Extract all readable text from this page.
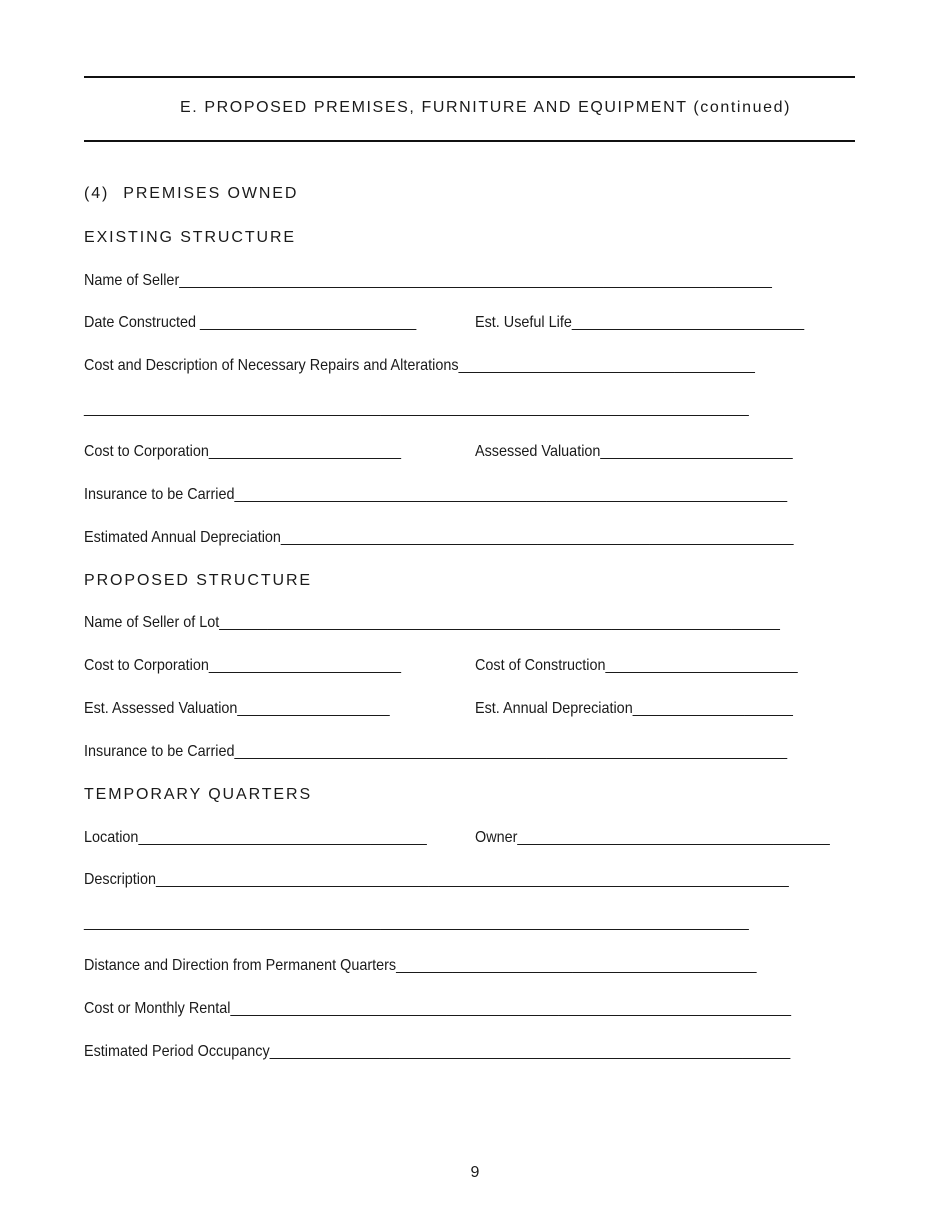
E. PROPOSED PREMISES, FURNITURE AND EQUIPMENT (continued)
(4) PREMISES OWNED
EXISTING STRUCTURE
Name of Seller__________________________________________________________________________
Date Constructed ___________________________	Est. Useful Life_____________________________
Cost and Description of Necessary Repairs and Alterations_____________________________________
___________________________________________________________________________________
Cost to Corporation________________________	Assessed Valuation________________________
Insurance to be Carried_____________________________________________________________________
Estimated Annual Depreciation________________________________________________________________
PROPOSED STRUCTURE
Name of Seller of Lot______________________________________________________________________
Cost to Corporation________________________	Cost of Construction________________________
Est. Assessed Valuation___________________	Est. Annual Depreciation____________________
Insurance to be Carried_____________________________________________________________________
TEMPORARY QUARTERS
Location____________________________________	Owner_______________________________________
Description_______________________________________________________________________________
___________________________________________________________________________________
Distance and Direction from Permanent Quarters_____________________________________________
Cost or Monthly Rental______________________________________________________________________
Estimated Period Occupancy_________________________________________________________________
9
